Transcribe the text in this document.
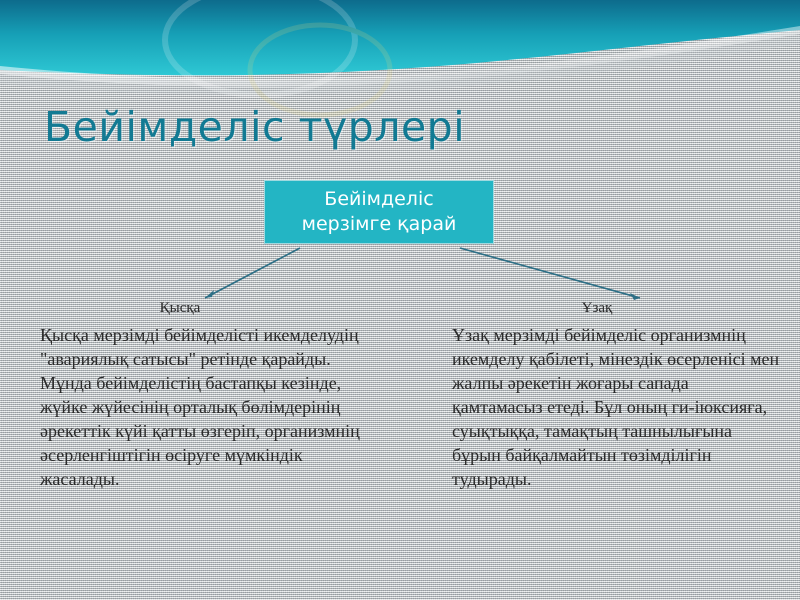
Бейімделіс түрлері
Бейімделіс
мерзімге қарай
Қысқа
Қысқа мерзімді бейімделісті икемделудің "авариялық сатысы" ретінде қарайды. Мұнда бейімделістің бастапқы кезінде, жүйке жүйесінің орталық бөлімдерінің әрекеттік күйі қатты өзгеріп, организмнің әсерленгіштігін өсіруге мүмкіндік жасалады.
Ұзақ
Ұзақ мерзімді бейімделіс организмнің икемделу қабілеті, мінездік өсерленісі мен жалпы әрекетін жоғары сапада қамтамасыз етеді. Бұл оның ги-іюксияға, суықтыққа, тамақтың ташнылығына бұрын байқалмайтын төзімділігін тудырады.
